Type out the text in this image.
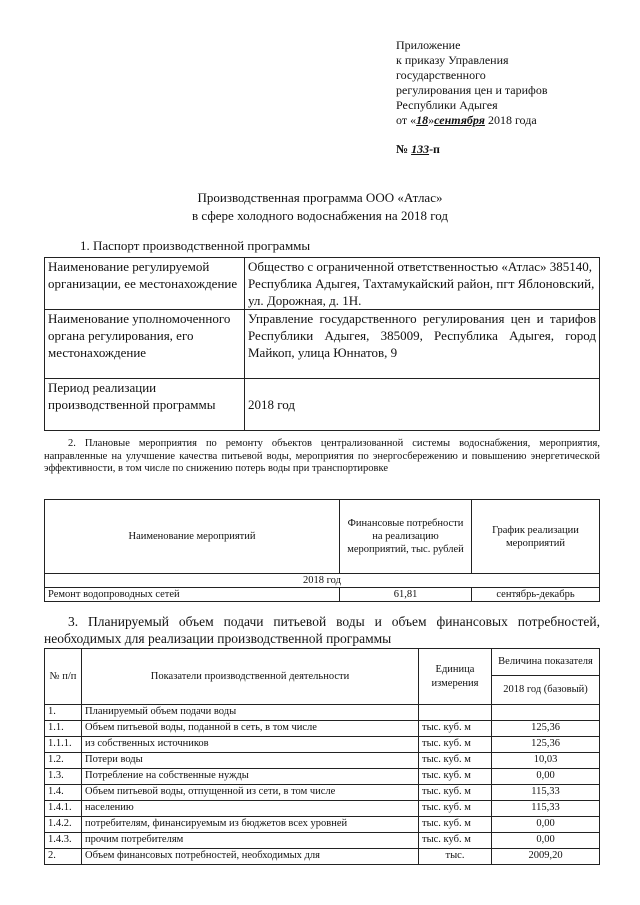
Приложение
к приказу Управления
государственного
регулирования цен и тарифов
Республики Адыгея
от «18»сентября 2018 года
№ 133-п
Производственная программа ООО «Атлас»
в сфере холодного водоснабжения на 2018 год
1. Паспорт производственной программы
Наименование регулируемой организации, ее местонахождение	Общество с ограниченной ответственностью «Атлас» 385140, Республика Адыгея, Тахтамукайский район, пгт Яблоновский, ул. Дорожная, д. 1Н.
Наименование уполномоченного органа регулирования, его местонахождение	Управление государственного регулирования цен и тарифов Республики Адыгея, 385009, Республика Адыгея, город Майкоп, улица Юннатов, 9
Период реализации производственной программы	2018 год
2. Плановые мероприятия по ремонту объектов централизованной системы водоснабжения, мероприятия, направленные на улучшение качества питьевой воды, мероприятия по энергосбережению и повышению энергетической эффективности, в том числе по снижению потерь воды при транспортировке
Наименование мероприятий	Финансовые потребности на реализацию мероприятий, тыс. рублей	График реализации мероприятий
2018 год		
Ремонт водопроводных сетей	61,81	сентябрь-декабрь
3. Планируемый объем подачи питьевой воды и объем финансовых потребностей, необходимых для реализации производственной программы
№ п/п	Показатели производственной деятельности	Единица измерения	Величина показателя
			2018 год (базовый)
1.	Планируемый объем подачи воды		
1.1.	Объем питьевой воды, поданной в сеть, в том числе	тыс. куб. м	125,36
1.1.1.	из собственных источников	тыс. куб. м	125,36
1.2.	Потери воды	тыс. куб. м	10,03
1.3.	Потребление на собственные нужды	тыс. куб. м	0,00
1.4.	Объем питьевой воды, отпущенной из сети, в том числе	тыс. куб. м	115,33
1.4.1.	населению	тыс. куб. м	115,33
1.4.2.	потребителям, финансируемым из бюджетов всех уровней	тыс. куб. м	0,00
1.4.3.	прочим потребителям	тыс. куб. м	0,00
2.	Объем финансовых потребностей, необходимых для	тыс.	2009,20
